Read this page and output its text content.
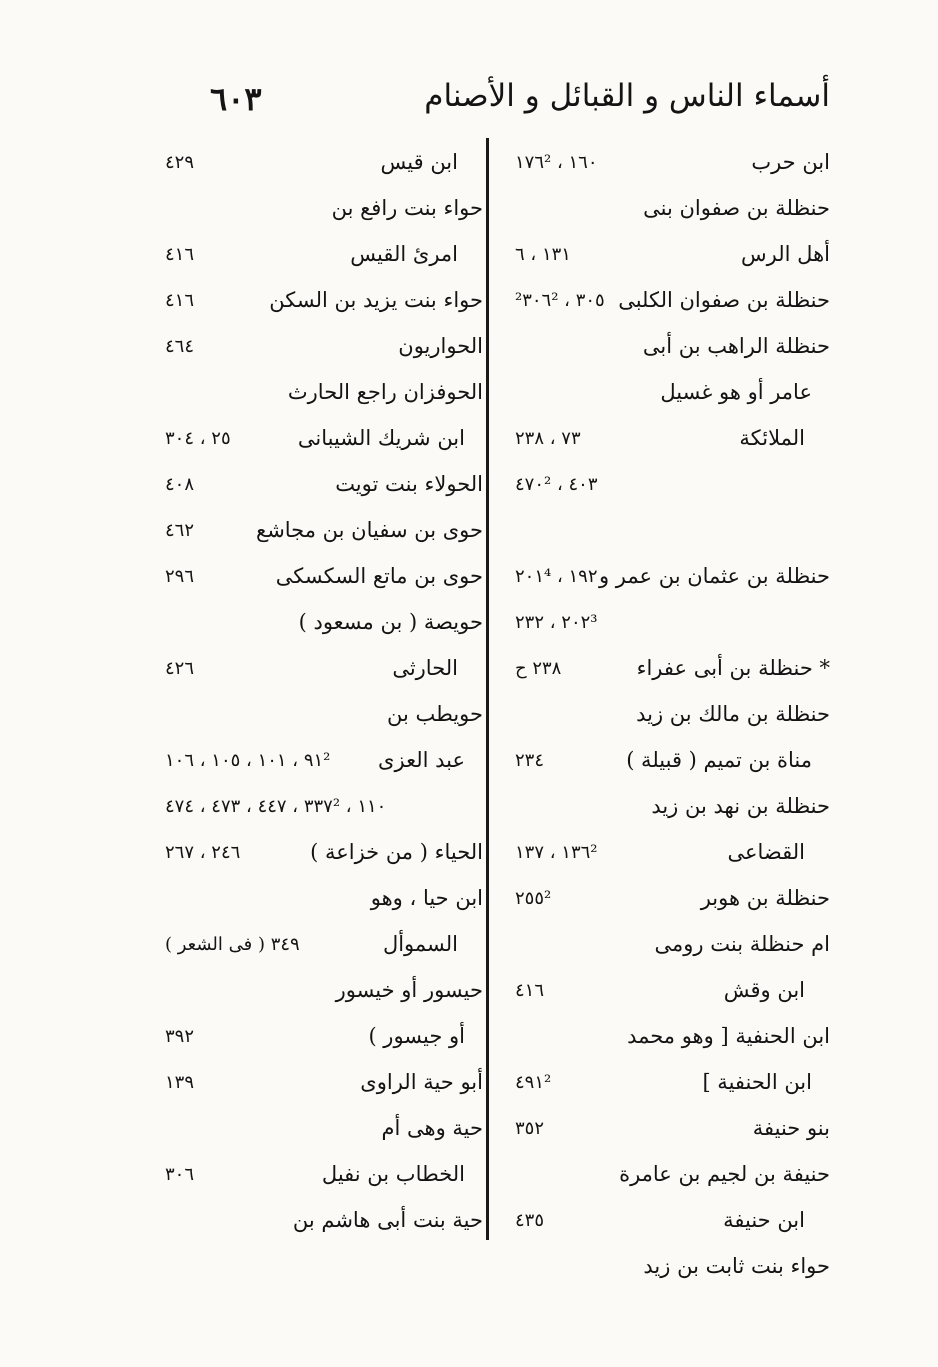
أسماء الناس و القبائل و الأصنام
٦٠٣
ابن حرب
١٦٠ ، ١٧٦²
حنظلة بن صفوان بنى
أهل الرس
١٣١ ، ٦
حنظلة بن صفوان الكلبى
٣٠٥ ، ²٣٠٦²
حنظلة الراهب بن أبى
عامر أو هو غسيل
الملائكة
٧٣ ، ٢٣٨
٤٠٣ ، ٤٧٠²
حنظلة بن عثمان بن عمر و
١٩٢ ، ٢٠١⁴
٢٠٢³ ، ٢٣٢
* حنظلة بن أبى عفراء
٢٣٨ ح
حنظلة بن مالك بن زيد
مناة بن تميم ( قبيلة )
٢٣٤
حنظلة بن نهد بن زيد
القضاعى
١٣٦² ، ١٣٧
حنظلة بن هوبر
٢٥٥²
ام حنظلة بنت رومى
ابن وقش
٤١٦
ابن الحنفية [ وهو محمد
ابن الحنفية ]
٤٩١²
بنو حنيفة
٣٥٢
حنيفة بن لجيم بن عامرة
ابن حنيفة
٤٣٥
حواء بنت ثابت بن زيد
ابن قيس
٤٢٩
حواء بنت رافع بن
امرئ القيس
٤١٦
حواء بنت يزيد بن السكن
٤١٦
الحواريون
٤٦٤
الحوفزان راجع الحارث
ابن شريك الشيبانى
٢٥ ، ٣٠٤
الحولاء بنت تويت
٤٠٨
حوى بن سفيان بن مجاشع
٤٦٢
حوى بن ماتع السكسكى
٢٩٦
حويصة ( بن مسعود )
الحارثى
٤٢٦
حويطب بن
عبد العزى
٩١² ، ١٠١ ، ١٠٥ ، ١٠٦
١١٠ ، ٣٣٧² ، ٤٤٧ ، ٤٧٣ ، ٤٧٤
الحياء ( من خزاعة )
٢٤٦ ، ٢٦٧
ابن حيا ، وهو
السموأل
٣٤٩ ( فى الشعر )
حيسور أو خيسور
أو جيسور )
٣٩٢
أبو حية الراوى
١٣٩
حية وهى أم
الخطاب بن نفيل
٣٠٦
حية بنت أبى هاشم بن
